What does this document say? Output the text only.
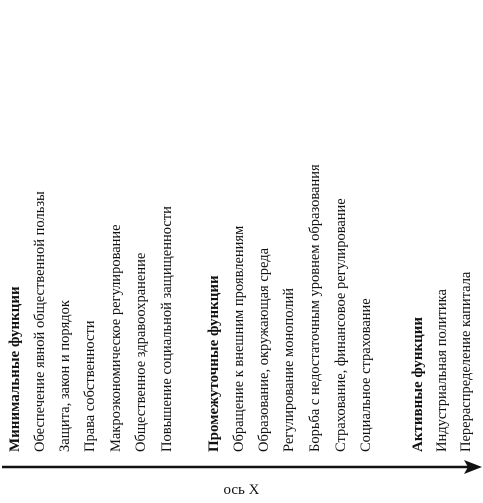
Минимальные функции Обеспечение явной общественной пользы Защита, закон и порядок Права собственности Макроэкономическое регулирование Общественное здравоохранение Повышение социальной защищенности Промежуточные функции Обращение к внешним проявлениям Образование, окружающая среда Регулирование монополий Борьба с недостаточным уровнем образования Страхование, финансовое регулирование Социальное страхование Активные функции Индустриальная политика Перераспределение капитала
ось X
